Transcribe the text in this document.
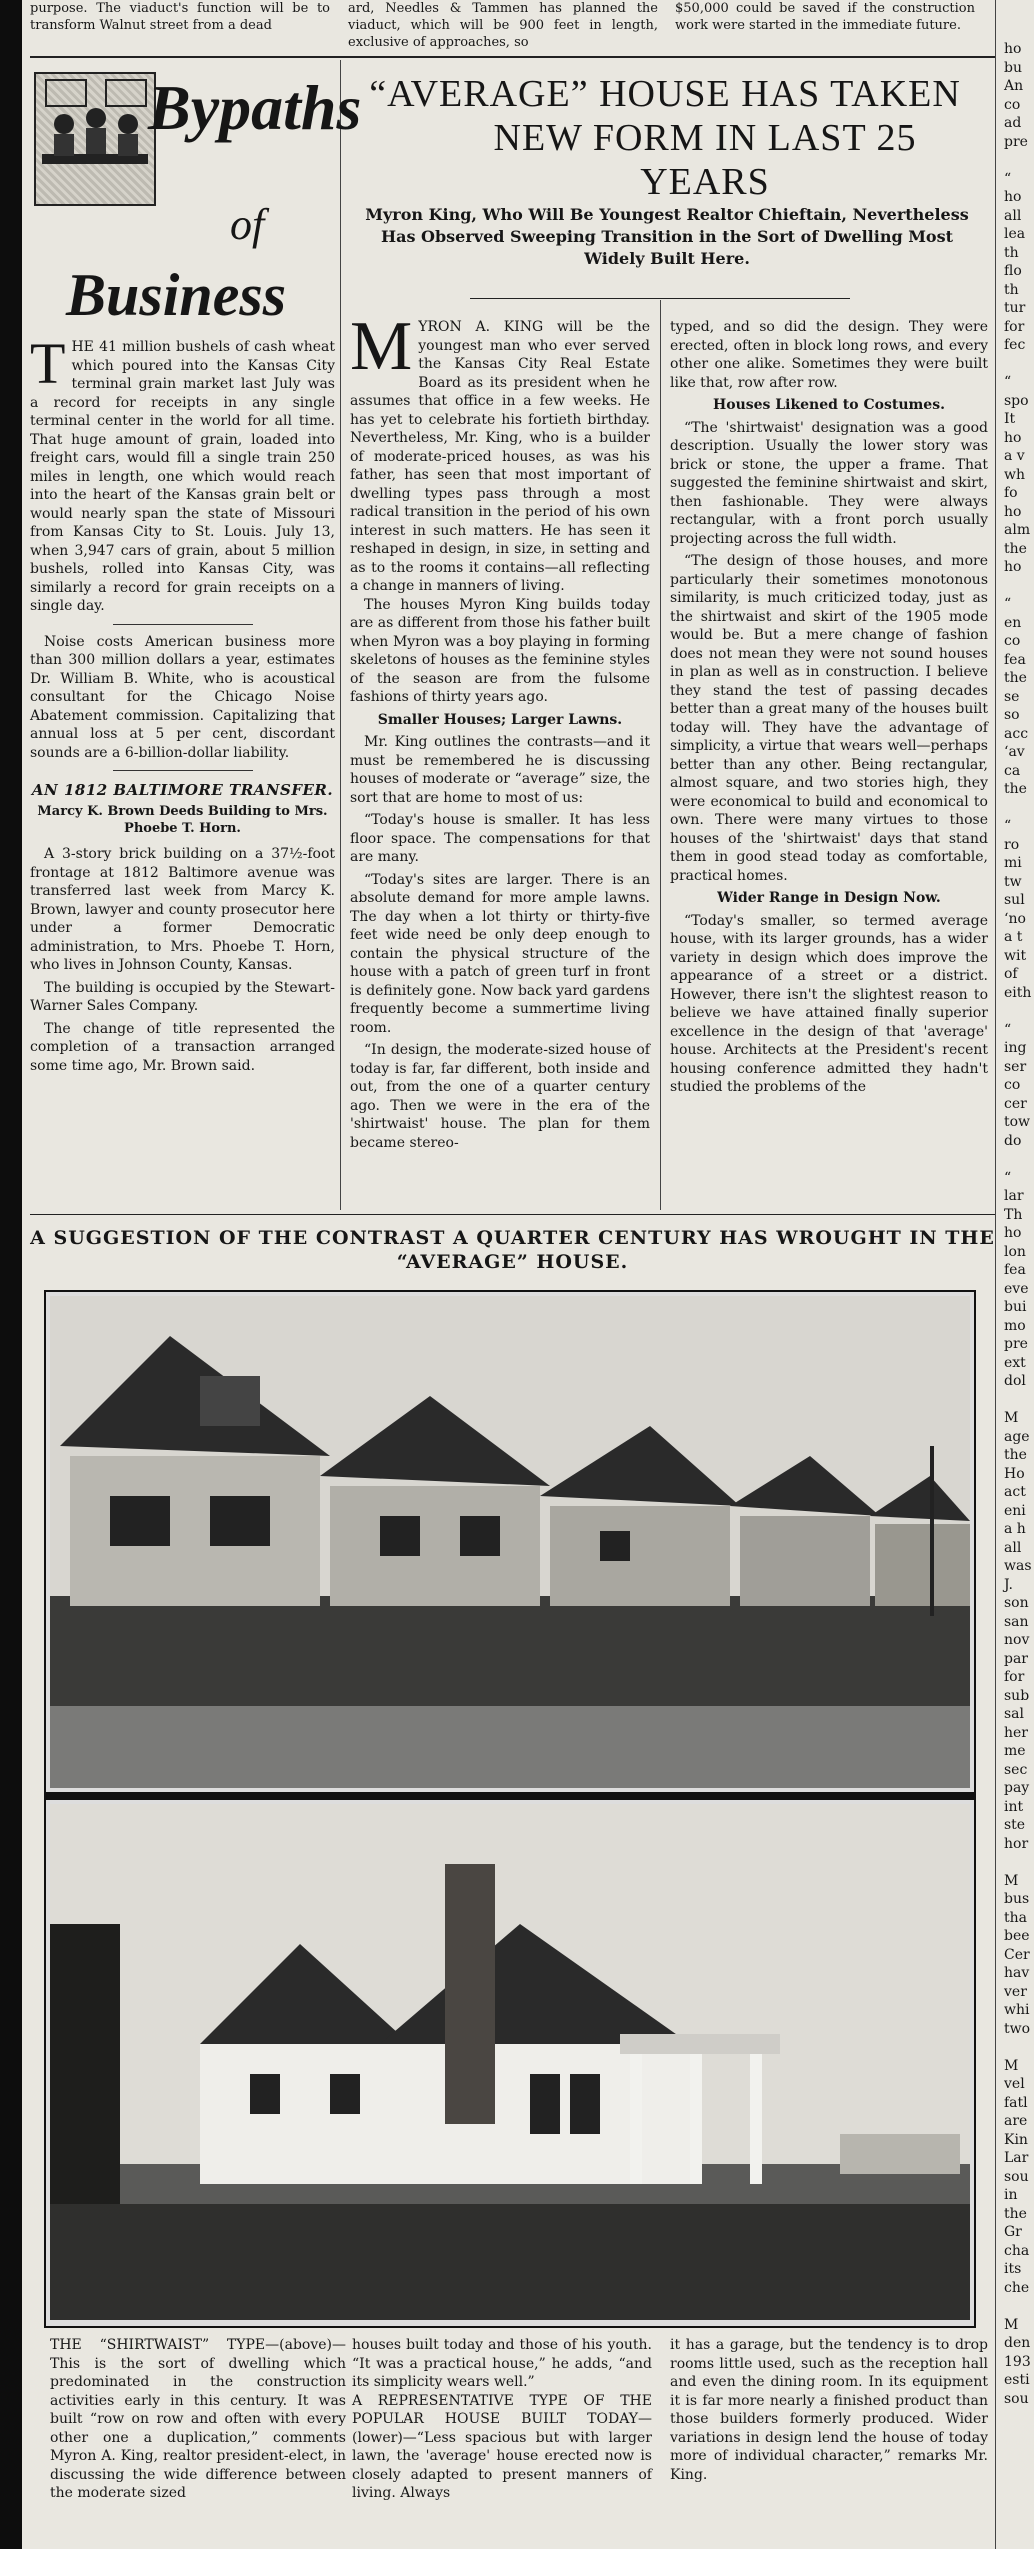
purpose. The viaduct's function will be to transform Walnut street from a dead
ard, Needles & Tammen has planned the viaduct, which will be 900 feet in length, exclusive of approaches, so
$50,000 could be saved if the construction work were started in the immediate future.
Bypaths
of
Business
T HE 41 million bushels of cash wheat which poured into the Kansas City terminal grain market last July was a record for receipts in any single terminal center in the world for all time. That huge amount of grain, loaded into freight cars, would fill a single train 250 miles in length, one which would reach into the heart of the Kansas grain belt or would nearly span the state of Missouri from Kansas City to St. Louis. July 13, when 3,947 cars of grain, about 5 million bushels, rolled into Kansas City, was similarly a record for grain receipts on a single day.

Noise costs American business more than 300 million dollars a year, estimates Dr. William B. White, who is acoustical consultant for the Chicago Noise Abatement commission. Capitalizing that annual loss at 5 per cent, discordant sounds are a 6-billion-dollar liability.

AN 1812 BALTIMORE TRANSFER.
Marcy K. Brown Deeds Building to Mrs. Phoebe T. Horn.

A 3-story brick building on a 37½-foot frontage at 1812 Baltimore avenue was transferred last week from Marcy K. Brown, lawyer and county prosecutor here under a former Democratic administration, to Mrs. Phoebe T. Horn, who lives in Johnson County, Kansas.

The building is occupied by the Stewart-Warner Sales Company.

The change of title represented the completion of a transaction arranged some time ago, Mr. Brown said.

“AVERAGE” HOUSE HAS TAKEN
NEW FORM IN LAST 25 YEARS
Myron King, Who Will Be Youngest Realtor Chieftain, Nevertheless Has Observed Sweeping Transition in the Sort of Dwelling Most Widely Built Here.
M YRON A. KING will be the youngest man who ever served the Kansas City Real Estate Board as its president when he assumes that office in a few weeks. He has yet to celebrate his fortieth birthday. Nevertheless, Mr. King, who is a builder of moderate-priced houses, as was his father, has seen that most important of dwelling types pass through a most radical transition in the period of his own interest in such matters. He has seen it reshaped in design, in size, in setting and as to the rooms it contains—all reflecting a change in manners of living.

The houses Myron King builds today are as different from those his father built when Myron was a boy playing in forming skeletons of houses as the feminine styles of the season are from the fulsome fashions of thirty years ago.

Smaller Houses; Larger Lawns.

Mr. King outlines the contrasts—and it must be remembered he is discussing houses of moderate or “average” size, the sort that are home to most of us:

“Today's house is smaller. It has less floor space. The compensations for that are many.

“Today's sites are larger. There is an absolute demand for more ample lawns. The day when a lot thirty or thirty-five feet wide need be only deep enough to contain the physical structure of the house with a patch of green turf in front is definitely gone. Now back yard gardens frequently become a summertime living room.

“In design, the moderate-sized house of today is far, far different, both inside and out, from the one of a quarter century ago. Then we were in the era of the 'shirtwaist' house. The plan for them became stereo-

typed, and so did the design. They were erected, often in block long rows, and every other one alike. Sometimes they were built like that, row after row.

Houses Likened to Costumes.

“The 'shirtwaist' designation was a good description. Usually the lower story was brick or stone, the upper a frame. That suggested the feminine shirtwaist and skirt, then fashionable. They were always rectangular, with a front porch usually projecting across the full width.

“The design of those houses, and more particularly their sometimes monotonous similarity, is much criticized today, just as the shirtwaist and skirt of the 1905 mode would be. But a mere change of fashion does not mean they were not sound houses in plan as well as in construction. I believe they stand the test of passing decades better than a great many of the houses built today will. They have the advantage of simplicity, a virtue that wears well—perhaps better than any other. Being rectangular, almost square, and two stories high, they were economical to build and economical to own. There were many virtues to those houses of the 'shirtwaist' days that stand them in good stead today as comfortable, practical homes.

Wider Range in Design Now.

“Today's smaller, so termed average house, with its larger grounds, has a wider variety in design which does improve the appearance of a street or a district. However, there isn't the slightest reason to believe we have attained finally superior excellence in the design of that 'average' house. Architects at the President's recent housing conference admitted they hadn't studied the problems of the

A SUGGESTION OF THE CONTRAST A QUARTER CENTURY HAS WROUGHT IN THE “AVERAGE” HOUSE.
THE “SHIRTWAIST” TYPE—(above)—This is the sort of dwelling which predominated in the construction activities early in this century. It was built “row on row and often with every other one a duplication,” comments Myron A. King, realtor president-elect, in discussing the wide difference between the moderate sized
houses built today and those of his youth. “It was a practical house,” he adds, “and its simplicity wears well.”
A REPRESENTATIVE TYPE OF THE POPULAR HOUSE BUILT TODAY—(lower)—“Less spacious but with larger lawn, the 'average' house erected now is closely adapted to present manners of living. Always
it has a garage, but the tendency is to drop rooms little used, such as the reception hall and even the dining room. In its equipment it is far more nearly a finished product than those builders formerly produced. Wider variations in design lend the house of today more of individual character,” remarks Mr. King.
ho
bu
An
co
ad
pre
“
ho
all
lea
th
flo
th
tur
for
fec
“
spo
It
ho
a v
wh
fo
ho
alm
the
ho
“
en
co
fea
the
se
so
acc
‘av
ca
the
“
ro
mi
tw
sul
‘no
a t
wit
of
eith
“
ing
ser
co
cer
tow
do
“
lar
Th
ho
lon
fea
eve
bui
mo
pre
ext
dol
M
age
the
Ho
act
eni
a h
all
was
J.
son
san
nov
par
for
sub
sal
her
me
sec
pay
int
ste
hor
M
bus
tha
bee
Cer
hav
ver
whi
two
M
vel
fatl
are
Kin
Lar
sou
in
the
Gr
cha
its
che
M
den
193
esti
sou
